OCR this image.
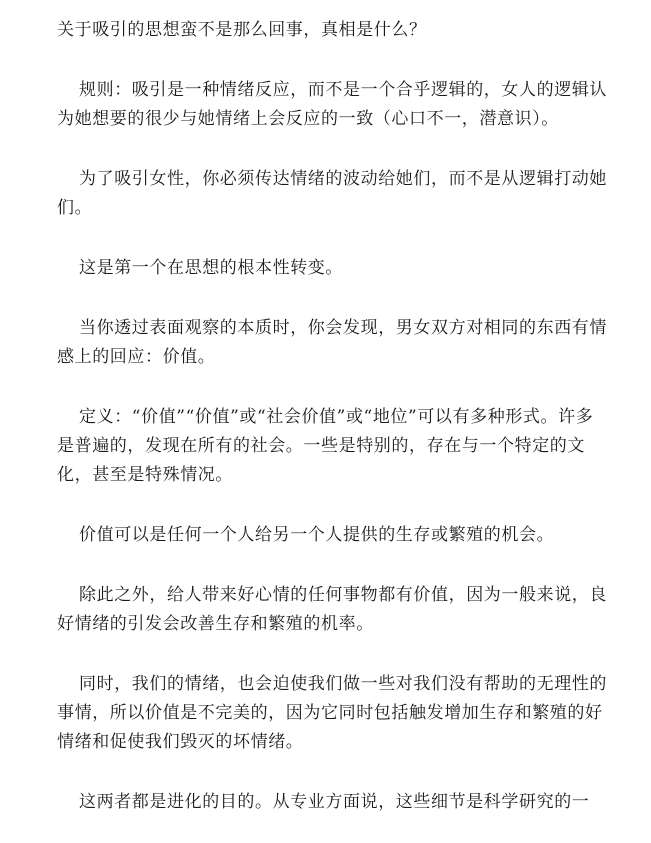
关于吸引的思想蛮不是那么回事，真相是什么？

规则：吸引是一种情绪反应，而不是一个合乎逻辑的，女人的逻辑认为她想要的很少与她情绪上会反应的一致（心口不一，潜意识）。

为了吸引女性，你必须传达情绪的波动给她们，而不是从逻辑打动她们。

这是第一个在思想的根本性转变。

当你透过表面观察的本质时，你会发现，男女双方对相同的东西有情感上的回应：价值。

定义：“价值”“价值”或“社会价值”或“地位”可以有多种形式。许多是普遍的，发现在所有的社会。一些是特别的，存在与一个特定的文化，甚至是特殊情况。

价值可以是任何一个人给另一个人提供的生存或繁殖的机会。

除此之外，给人带来好心情的任何事物都有价值，因为一般来说，良好情绪的引发会改善生存和繁殖的机率。

同时，我们的情绪，也会迫使我们做一些对我们没有帮助的无理性的事情，所以价值是不完美的，因为它同时包括触发增加生存和繁殖的好情绪和促使我们毁灭的坏情绪。

这两者都是进化的目的。从专业方面说，这些细节是科学研究的一
